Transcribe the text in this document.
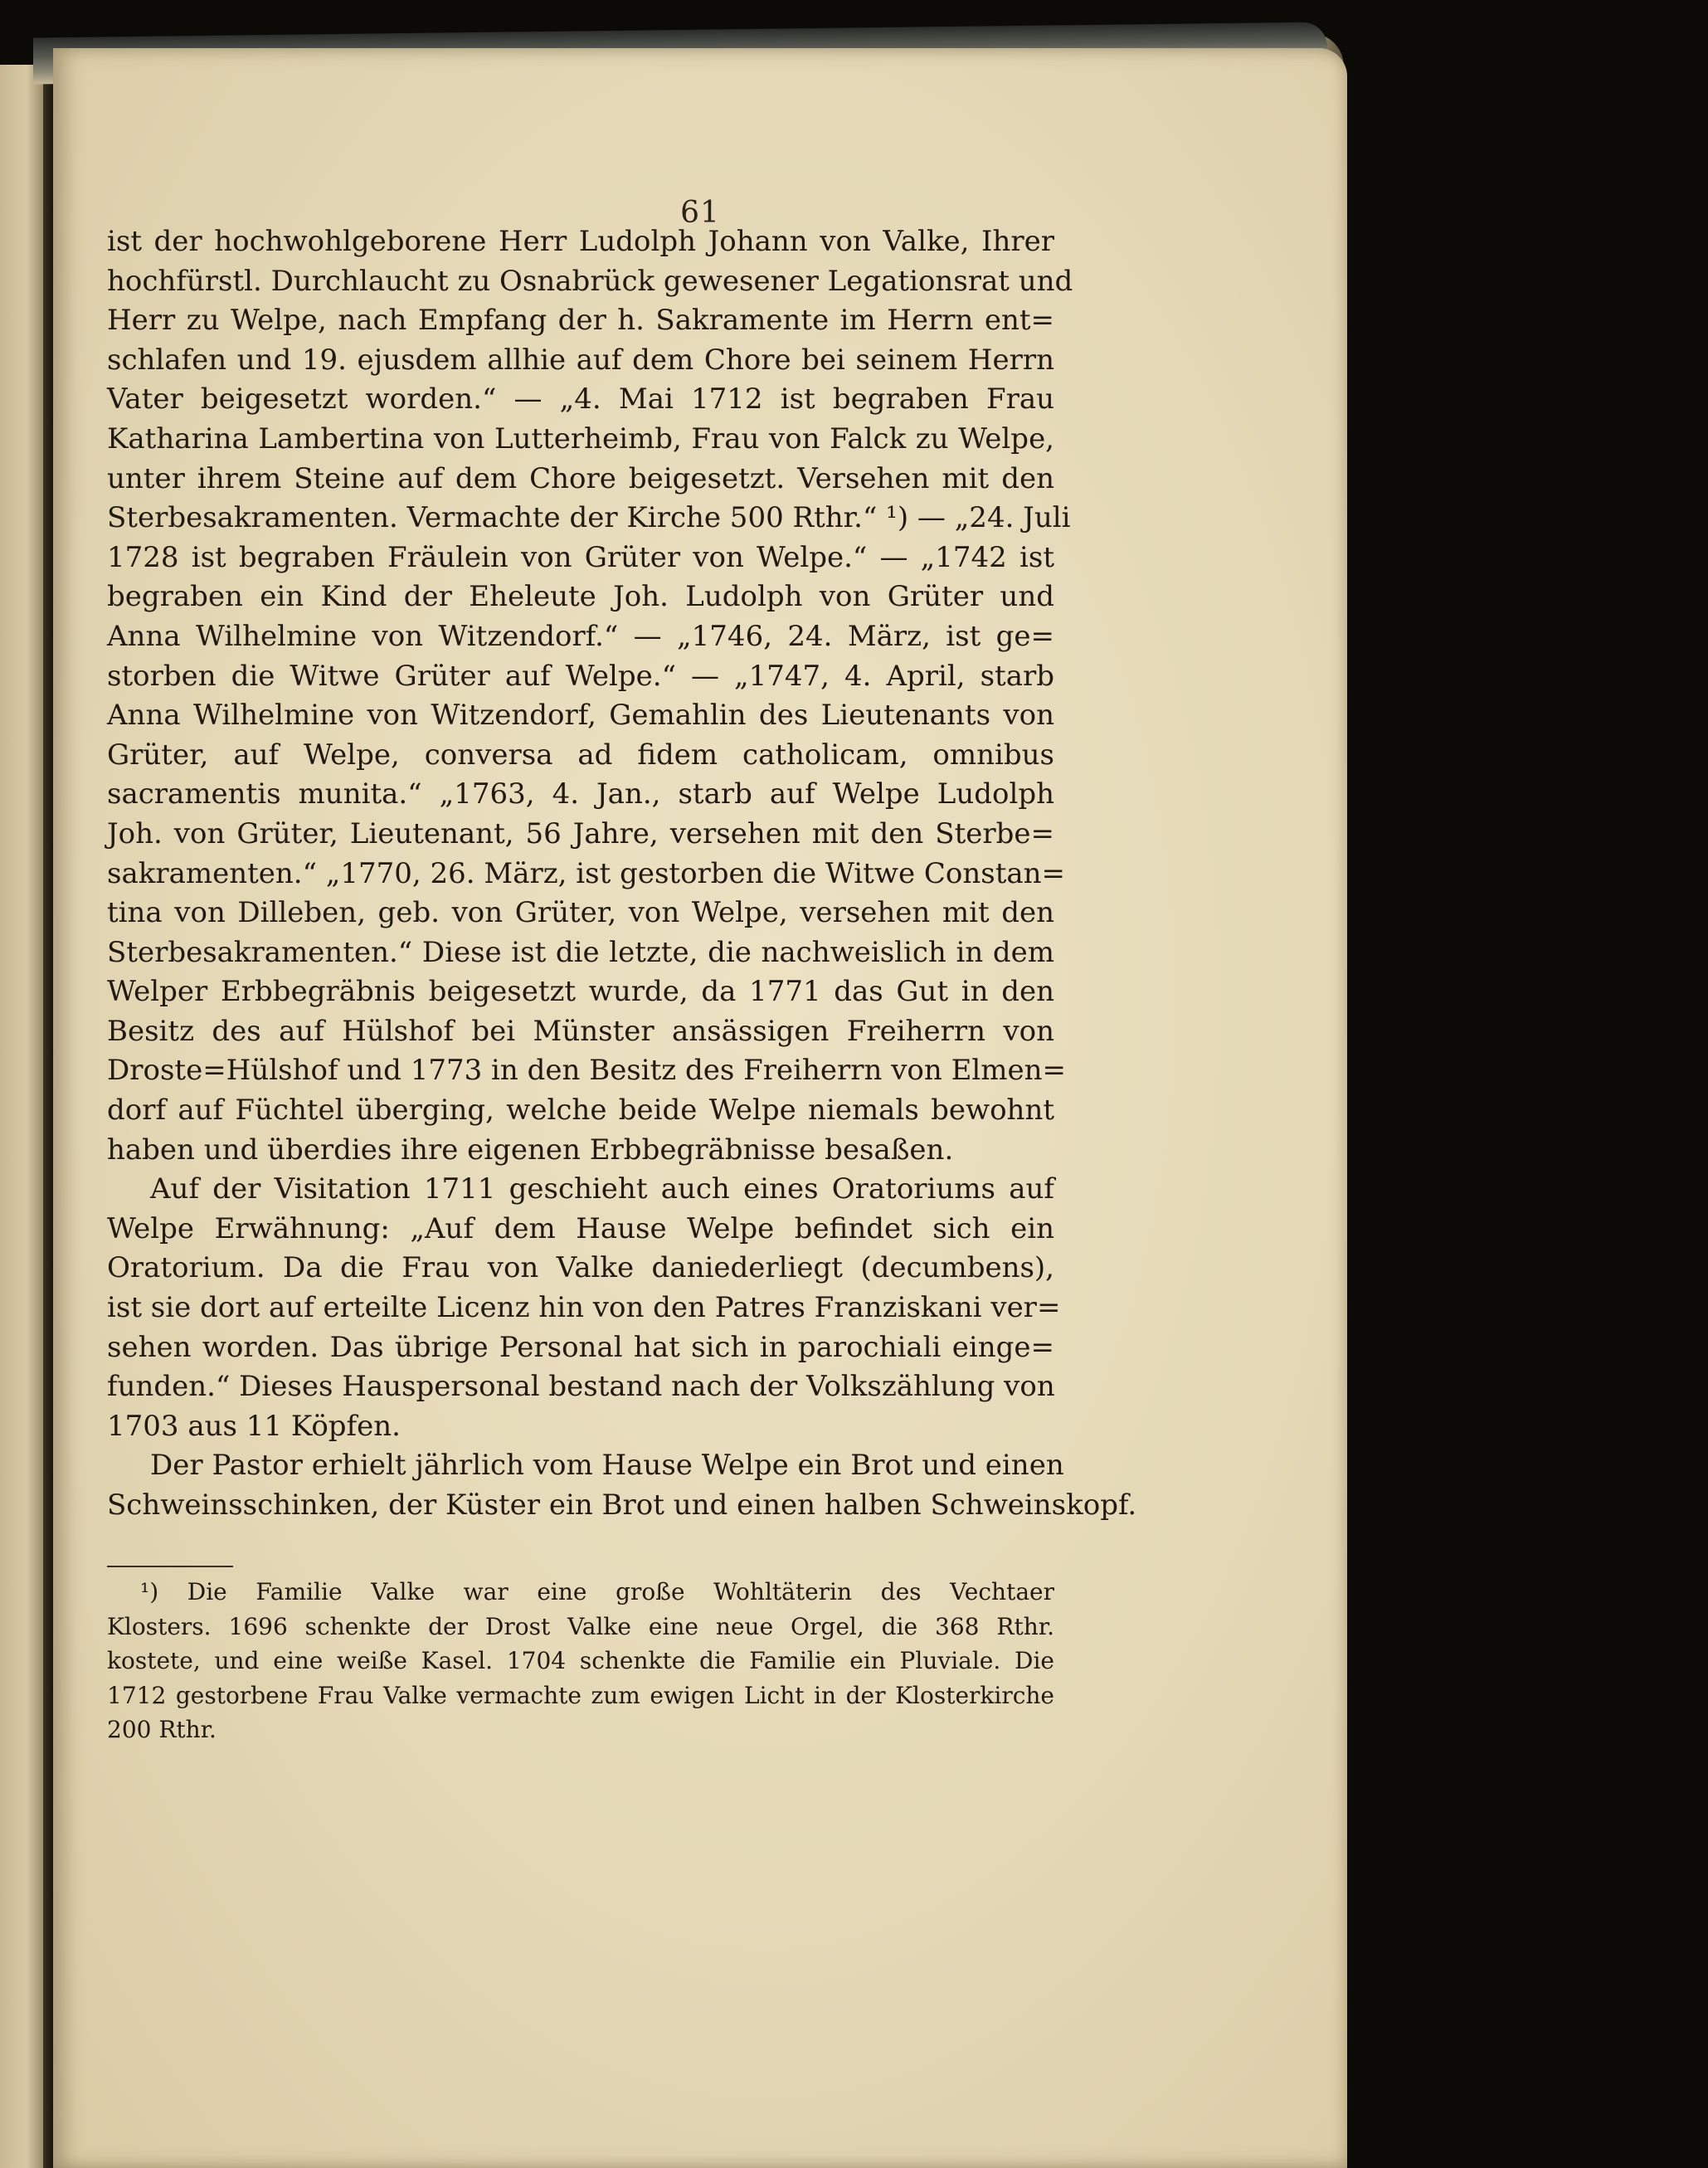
61
ist der hochwohlgeborene Herr Ludolph Johann von Valke, Ihrer
hochfürstl. Durchlaucht zu Osnabrück gewesener Legationsrat und
Herr zu Welpe, nach Empfang der h. Sakramente im Herrn ent=
schlafen und 19. ejusdem allhie auf dem Chore bei seinem Herrn
Vater beigesetzt worden.“ — „4. Mai 1712 ist begraben Frau
Katharina Lambertina von Lutterheimb, Frau von Falck zu Welpe,
unter ihrem Steine auf dem Chore beigesetzt. Versehen mit den
Sterbesakramenten. Vermachte der Kirche 500 Rthr.“ ¹) — „24. Juli
1728 ist begraben Fräulein von Grüter von Welpe.“ — „1742 ist
begraben ein Kind der Eheleute Joh. Ludolph von Grüter und
Anna Wilhelmine von Witzendorf.“ — „1746, 24. März, ist ge=
storben die Witwe Grüter auf Welpe.“ — „1747, 4. April, starb
Anna Wilhelmine von Witzendorf, Gemahlin des Lieutenants von
Grüter, auf Welpe, conversa ad fidem catholicam, omnibus
sacramentis munita.“ „1763, 4. Jan., starb auf Welpe Ludolph
Joh. von Grüter, Lieutenant, 56 Jahre, versehen mit den Sterbe=
sakramenten.“ „1770, 26. März, ist gestorben die Witwe Constan=
tina von Dilleben, geb. von Grüter, von Welpe, versehen mit den
Sterbesakramenten.“ Diese ist die letzte, die nachweislich in dem
Welper Erbbegräbnis beigesetzt wurde, da 1771 das Gut in den
Besitz des auf Hülshof bei Münster ansässigen Freiherrn von
Droste=Hülshof und 1773 in den Besitz des Freiherrn von Elmen=
dorf auf Füchtel überging, welche beide Welpe niemals bewohnt
haben und überdies ihre eigenen Erbbegräbnisse besaßen.
Auf der Visitation 1711 geschieht auch eines Oratoriums auf
Welpe Erwähnung: „Auf dem Hause Welpe befindet sich ein
Oratorium. Da die Frau von Valke daniederliegt (decumbens),
ist sie dort auf erteilte Licenz hin von den Patres Franziskani ver=
sehen worden. Das übrige Personal hat sich in parochiali einge=
funden.“ Dieses Hauspersonal bestand nach der Volkszählung von
1703 aus 11 Köpfen.
Der Pastor erhielt jährlich vom Hause Welpe ein Brot und einen
Schweinsschinken, der Küster ein Brot und einen halben Schweinskopf.
¹) Die Familie Valke war eine große Wohltäterin des Vechtaer
Klosters. 1696 schenkte der Drost Valke eine neue Orgel, die 368 Rthr.
kostete, und eine weiße Kasel. 1704 schenkte die Familie ein Pluviale. Die
1712 gestorbene Frau Valke vermachte zum ewigen Licht in der Klosterkirche
200 Rthr.
